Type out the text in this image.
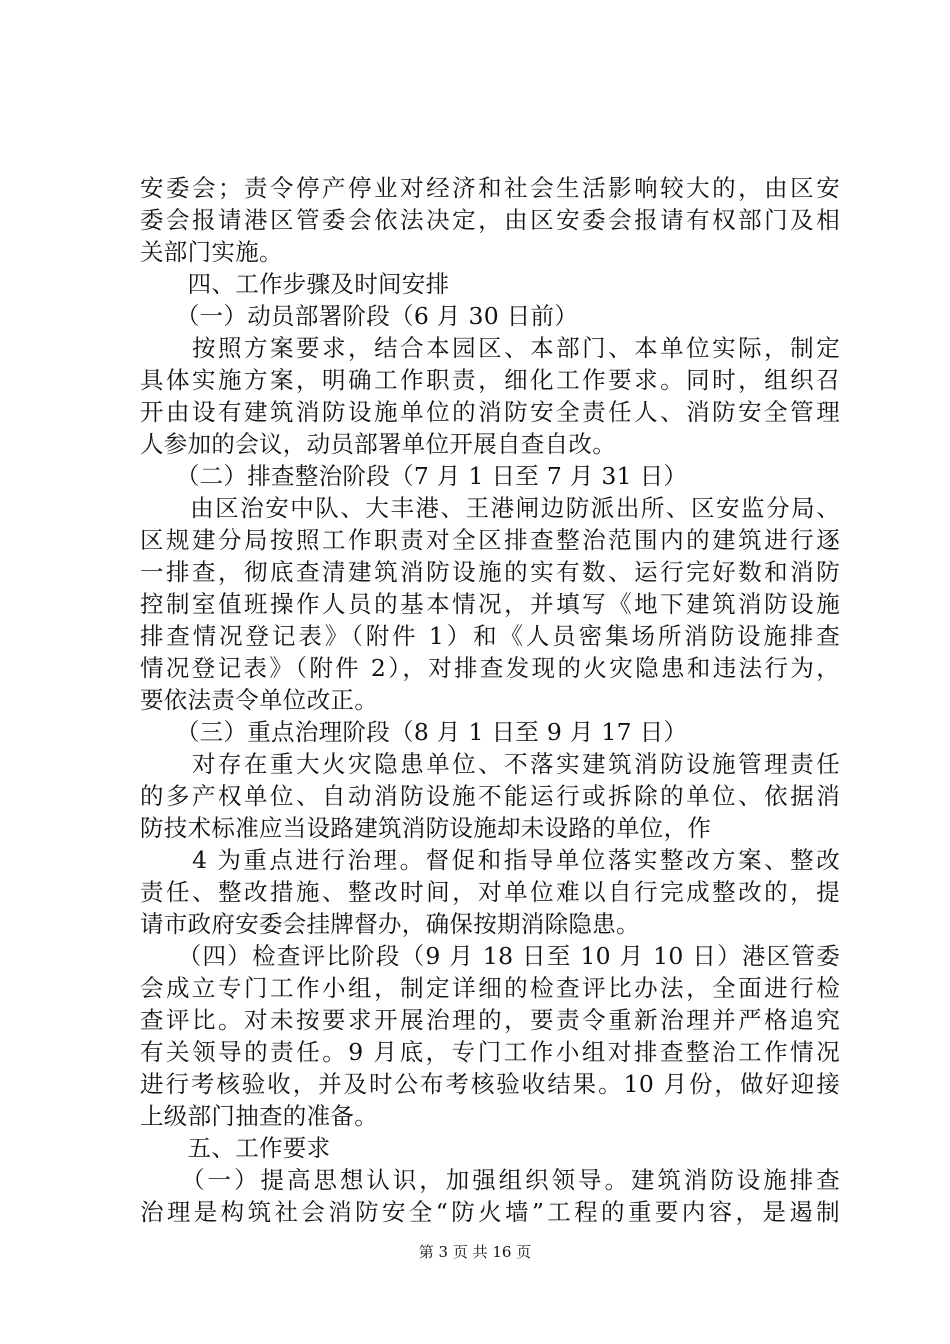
安委会；责令停产停业对经济和社会生活影响较大的，由区安
委会报请港区管委会依法决定，由区安委会报请有权部门及相
关部门实施。
　　四、工作步骤及时间安排
　　（一）动员部署阶段（6 月 30 日前）
　　按照方案要求，结合本园区、本部门、本单位实际，制定
具体实施方案，明确工作职责，细化工作要求。同时，组织召
开由设有建筑消防设施单位的消防安全责任人、消防安全管理
人参加的会议，动员部署单位开展自查自改。
　　（二）排查整治阶段（7 月 1 日至 7 月 31 日）
　　由区治安中队、大丰港、王港闸边防派出所、区安监分局、
区规建分局按照工作职责对全区排查整治范围内的建筑进行逐
一排查，彻底查清建筑消防设施的实有数、运行完好数和消防
控制室值班操作人员的基本情况，并填写《地下建筑消防设施
排查情况登记表》（附件 1）和《人员密集场所消防设施排查
情况登记表》（附件 2），对排查发现的火灾隐患和违法行为，
要依法责令单位改正。
　　（三）重点治理阶段（8 月 1 日至 9 月 17 日）
　　对存在重大火灾隐患单位、不落实建筑消防设施管理责任
的多产权单位、自动消防设施不能运行或拆除的单位、依据消
防技术标准应当设路建筑消防设施却未设路的单位，作
　　4 为重点进行治理。督促和指导单位落实整改方案、整改
责任、整改措施、整改时间，对单位难以自行完成整改的，提
请市政府安委会挂牌督办，确保按期消除隐患。
　　（四）检查评比阶段（9 月 18 日至 10 月 10 日）港区管委
会成立专门工作小组，制定详细的检查评比办法，全面进行检
查评比。对未按要求开展治理的，要责令重新治理并严格追究
有关领导的责任。9 月底，专门工作小组对排查整治工作情况
进行考核验收，并及时公布考核验收结果。10 月份，做好迎接
上级部门抽查的准备。
　　五、工作要求
　　（一）提高思想认识，加强组织领导。建筑消防设施排查
治理是构筑社会消防安全“防火墙”工程的重要内容，是遏制
第 3 页 共 16 页
